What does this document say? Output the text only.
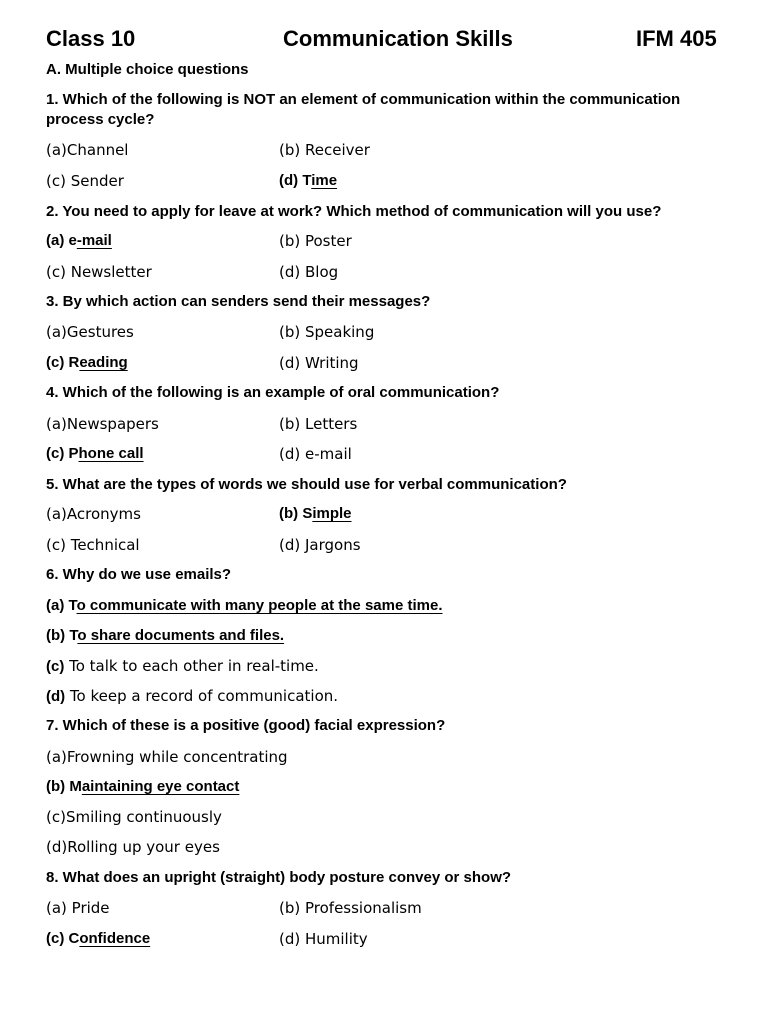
Class 10	Communication Skills	IFM 405
A. Multiple choice questions
1. Which of the following is NOT an element of communication within the communication
process cycle?
(a)Channel	(b) Receiver
(c) Sender	(d) Time
2. You need to apply for leave at work? Which method of communication will you use?
(a) e-mail	(b) Poster
(c) Newsletter	(d) Blog
3. By which action can senders send their messages?
(a)Gestures	(b) Speaking
(c) Reading	(d) Writing
4. Which of the following is an example of oral communication?
(a)Newspapers	(b) Letters
(c) Phone call	(d) e-mail
5. What are the types of words we should use for verbal communication?
(a)Acronyms	(b) Simple
(c) Technical	(d) Jargons
6. Why do we use emails?
(a) To communicate with many people at the same time.
(b) To share documents and files.
(c) To talk to each other in real-time.
(d) To keep a record of communication.
7. Which of these is a positive (good) facial expression?
(a)Frowning while concentrating
(b) Maintaining eye contact
(c)Smiling continuously
(d)Rolling up your eyes
8. What does an upright (straight) body posture convey or show?
(a) Pride	(b) Professionalism
(c) Confidence	(d) Humility
